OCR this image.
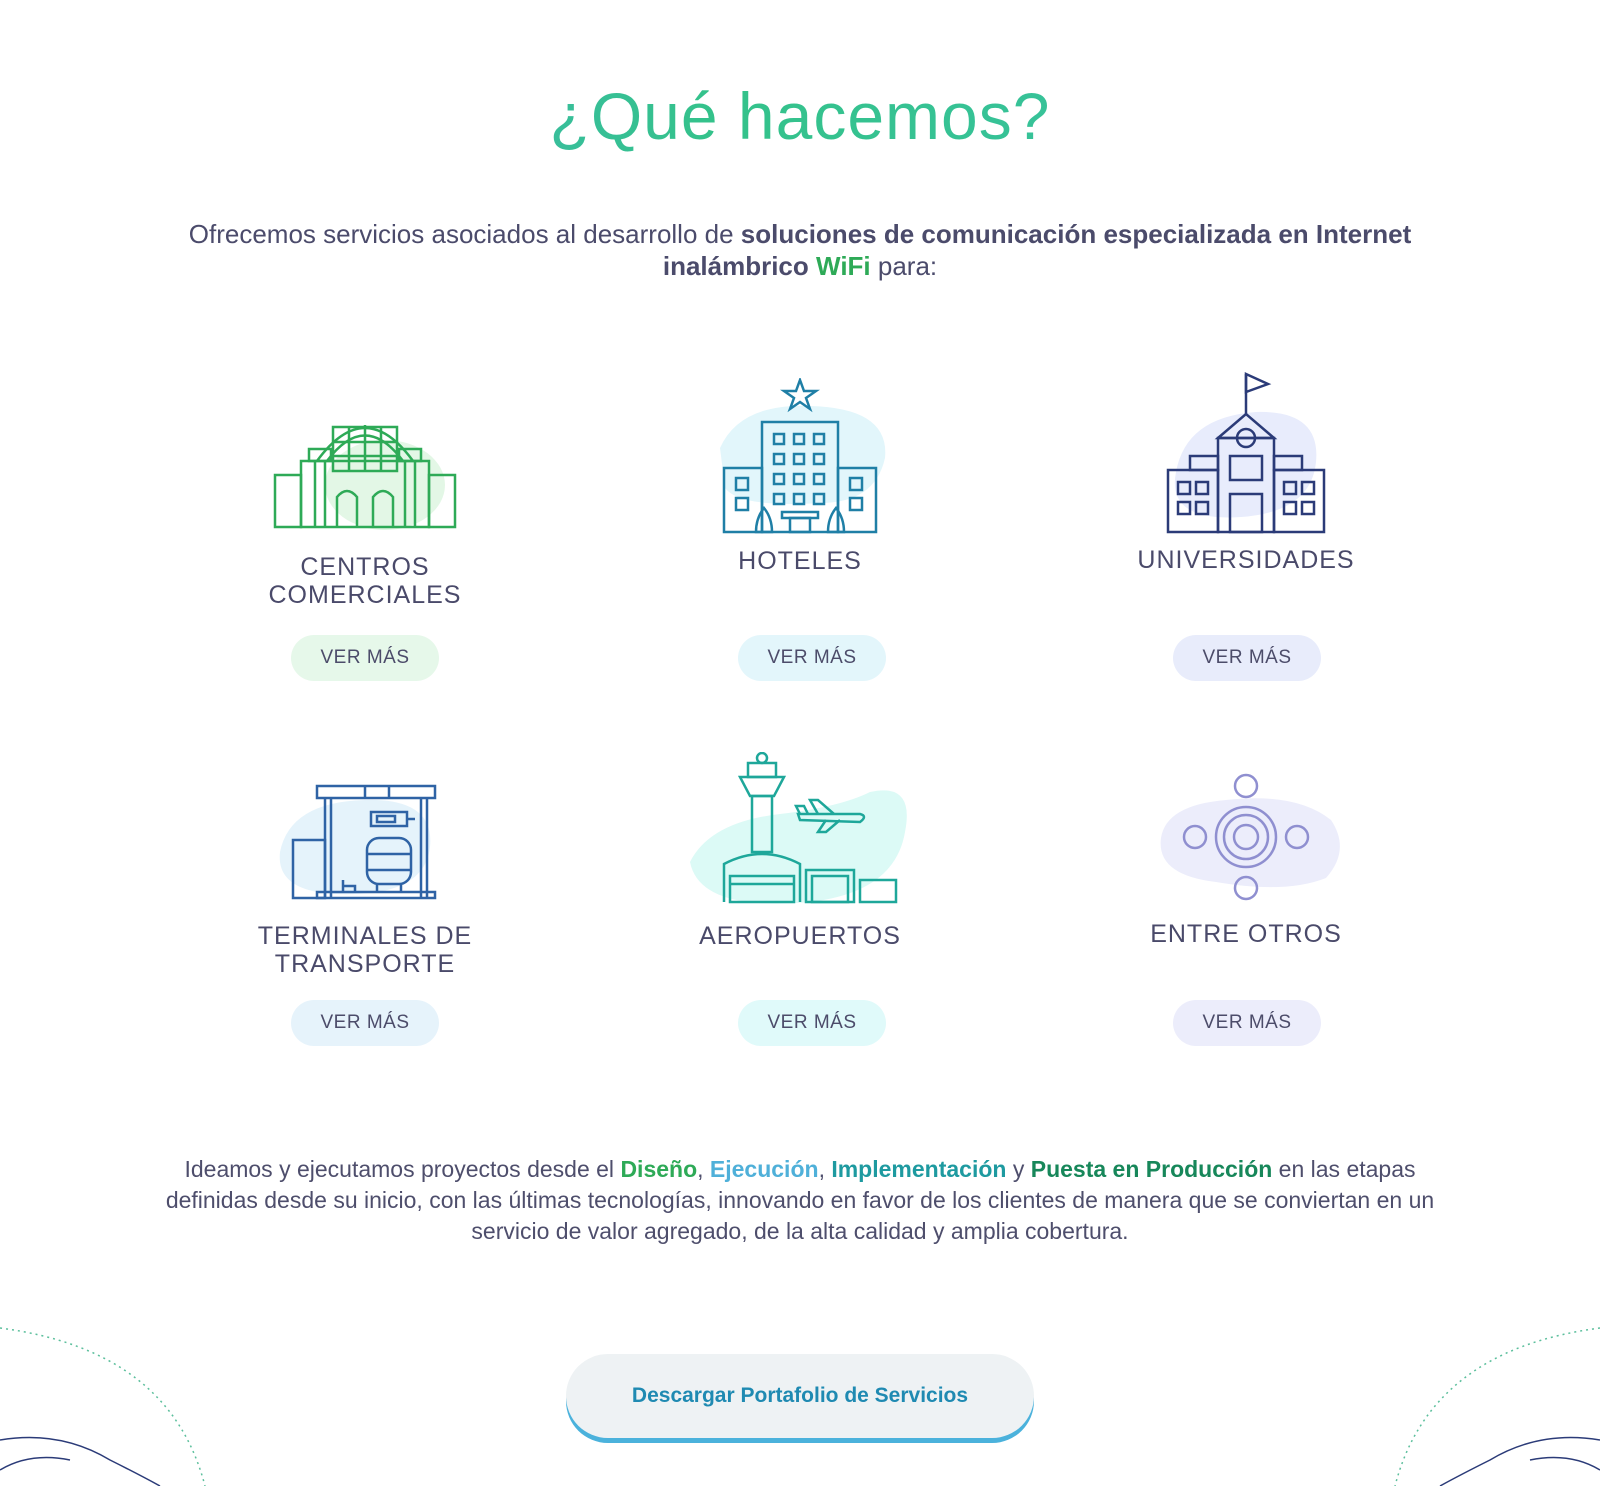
¿Qué hacemos?

Ofrecemos servicios asociados al desarrollo de soluciones de comunicación especializada en Internet inalámbrico WiFi para:

CENTROS COMERCIALES

VER MÁS

HOTELES

VER MÁS

UNIVERSIDADES

VER MÁS

TERMINALES DE TRANSPORTE

VER MÁS

AEROPUERTOS

VER MÁS

ENTRE OTROS

VER MÁS

Ideamos y ejecutamos proyectos desde el Diseño, Ejecución, Implementación y Puesta en Producción en las etapas definidas desde su inicio, con las últimas tecnologías, innovando en favor de los clientes de manera que se conviertan en un servicio de valor agregado, de la alta calidad y amplia cobertura.

Descargar Portafolio de Servicios
